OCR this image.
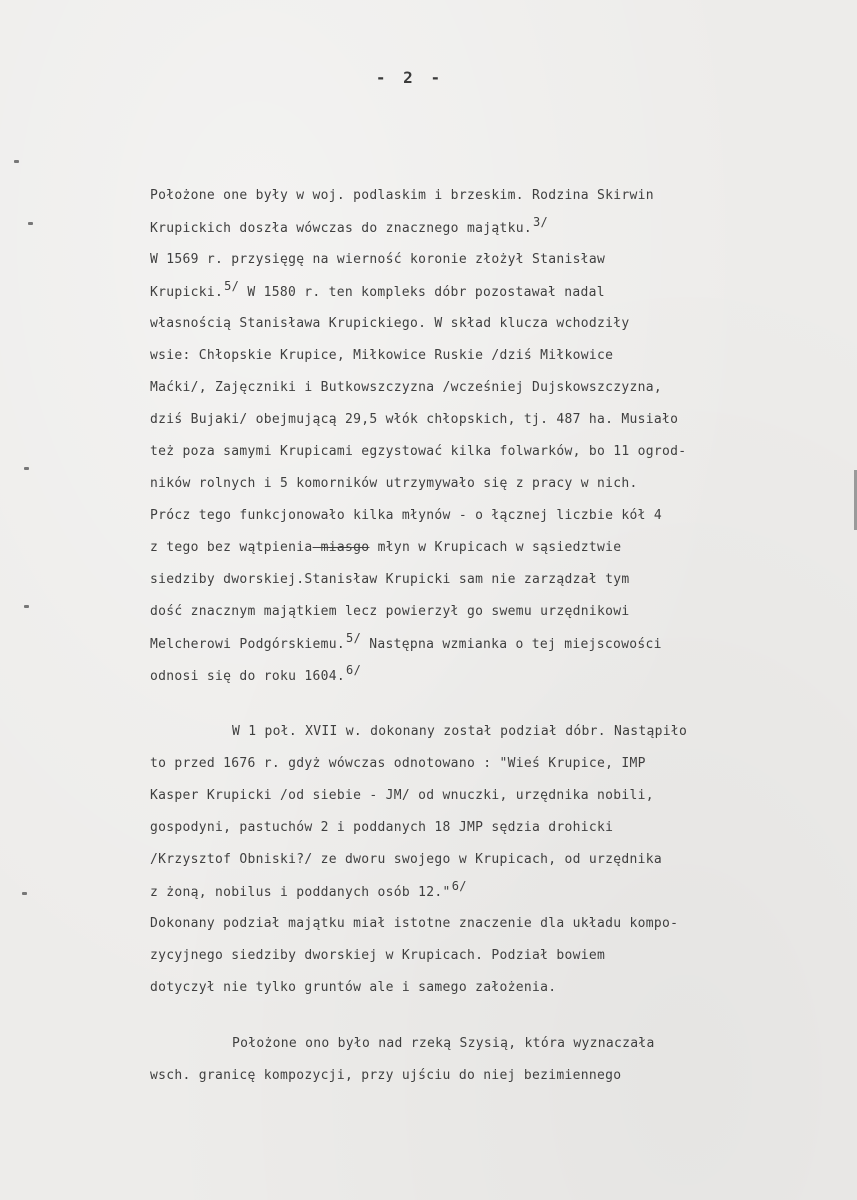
- 2 -
Położone one były w woj. podlaskim i brzeskim. Rodzina Skirwin
Krupickich doszła wówczas do znacznego majątku.$^{3/}$
W 1569 r. przysięgę na wierność koronie złożył Stanisław
Krupicki.$^{5/}$ W 1580 r. ten kompleks dóbr pozostawał nadal
własnością Stanisława Krupickiego. W skład klucza wchodziły
wsie: Chłopskie Krupice, Miłkowice Ruskie /dziś Miłkowice
Maćki/, Zajęczniki i Butkowszczyzna /wcześniej Dujskowszczyzna,
dziś Bujaki/ obejmującą 29,5 włók chłopskich, tj. 487 ha. Musiało
też poza samymi Krupicami egzystować kilka folwarków, bo 11 ogrod-
ników rolnych i 5 komorników utrzymywało się z pracy w nich.
Prócz tego funkcjonowało kilka młynów - o łącznej liczbie kół 4
z tego bez wątpienia miasgo młyn w Krupicach w sąsiedztwie
siedziby dworskiej.Stanisław Krupicki sam nie zarządzał tym
dość znacznym majątkiem lecz powierzył go swemu urzędnikowi
Melcherowi Podgórskiemu.$^{5/}$ Następna wzmianka o tej miejscowości
odnosi się do roku 1604.$^{6/}$
W 1 poł. XVII w. dokonany został podział dóbr. Nastąpiło
to przed 1676 r. gdyż wówczas odnotowano : "Wieś Krupice, IMP
Kasper Krupicki /od siebie - JM/ od wnuczki, urzędnika nobili,
gospodyni, pastuchów 2 i poddanych 18 JMP sędzia drohicki
/Krzysztof Obniski?/ ze dworu swojego w Krupicach, od urzędnika
z żoną, nobilus i poddanych osób 12."$^{6/}$
Dokonany podział majątku miał istotne znaczenie dla układu kompo-
zycyjnego siedziby dworskiej w Krupicach. Podział bowiem
dotyczył nie tylko gruntów ale i samego założenia.
Położone ono było nad rzeką Szysią, która wyznaczała
wsch. granicę kompozycji, przy ujściu do niej bezimiennego
